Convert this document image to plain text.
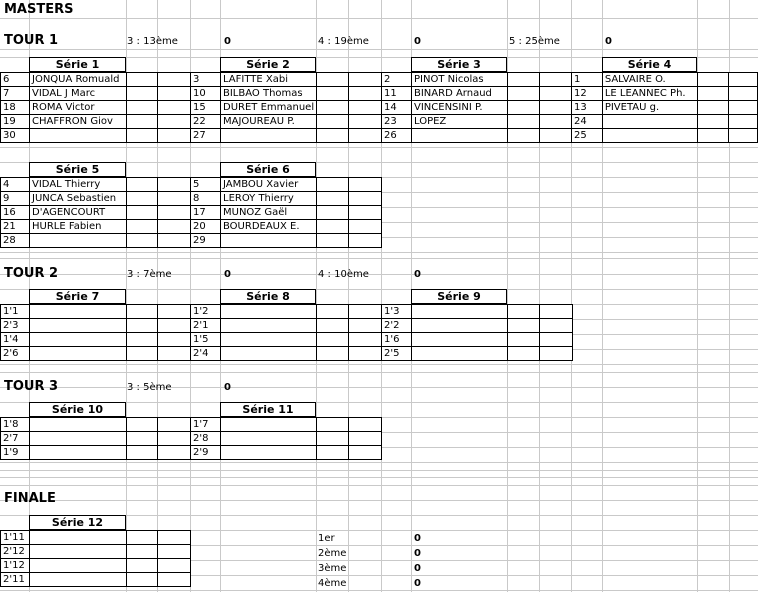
MASTERS
TOUR 1	3 : 13ème	0	4 : 19ème	0	5 : 25ème	0
TOUR 2	3 : 7ème	0	4 : 10ème	0
TOUR 3	3 : 5ème	0
FINALE
1er	0
2ème	0
3ème	0
4ème	0
Série 1
6	JONQUA Romuald		
7	VIDAL J Marc		
18	ROMA Victor		
19	CHAFFRON Giov		
30			
Série 2
3	LAFITTE Xabi		
10	BILBAO Thomas		
15	DURET Emmanuel		
22	MAJOUREAU P.		
27			
Série 3
2	PINOT Nicolas		
11	BINARD Arnaud		
14	VINCENSINI P.		
23	LOPEZ		
26			
Série 4
1	SALVAIRE O.		
12	LE LEANNEC Ph.		
13	PIVETAU g.		
24			
25			
Série 5
4	VIDAL Thierry		
9	JUNCA Sebastien		
16	D'AGENCOURT		
21	HURLE Fabien		
28			
Série 6
5	JAMBOU Xavier		
8	LEROY Thierry		
17	MUNOZ Gaël		
20	BOURDEAUX E.		
29			
Série 7
1'1			
2'3			
1'4			
2'6			
Série 8
1'2			
2'1			
1'5			
2'4			
Série 9
1'3			
2'2			
1'6			
2'5			
Série 10
1'8			
2'7			
1'9			
Série 11
1'7			
2'8			
2'9			
Série 12
1'11			
2'12			
1'12			
2'11			
